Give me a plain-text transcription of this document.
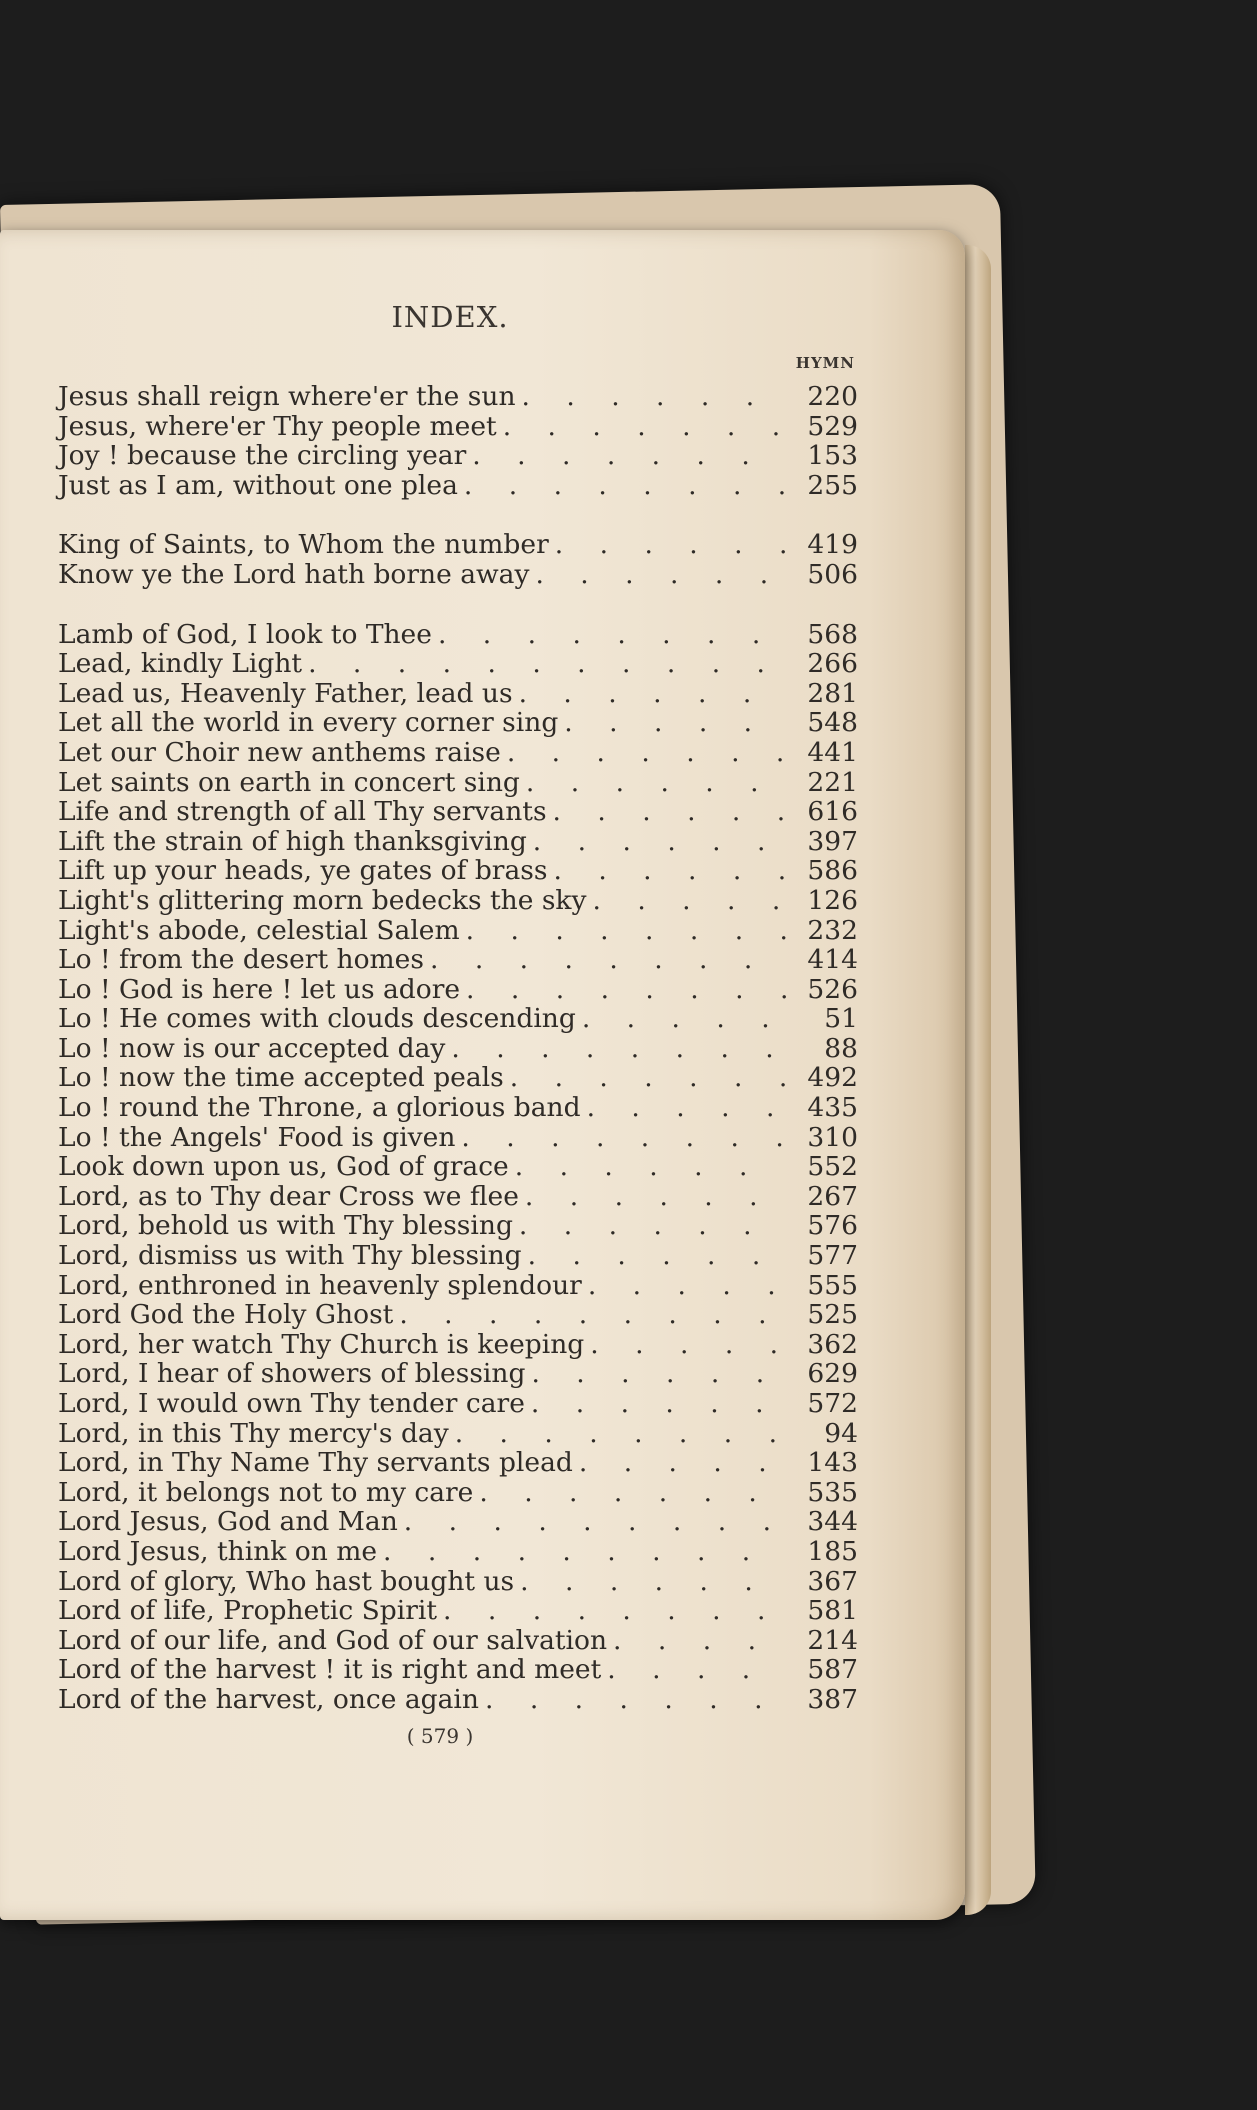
INDEX.
HYMN
Jesus shall reign where'er the sun . . .	220
Jesus, where'er Thy people meet . . .	529
Joy ! because the circling year . . .	153
Just as I am, without one plea . . .	255
King of Saints, to Whom the number . . .	419
Know ye the Lord hath borne away . . .	506
Lamb of God, I look to Thee . . .	568
Lead, kindly Light . . .	266
Lead us, Heavenly Father, lead us . . .	281
Let all the world in every corner sing . . .	548
Let our Choir new anthems raise . . .	441
Let saints on earth in concert sing . . .	221
Life and strength of all Thy servants . . .	616
Lift the strain of high thanksgiving . . .	397
Lift up your heads, ye gates of brass . . .	586
Light's glittering morn bedecks the sky . . .	126
Light's abode, celestial Salem . . .	232
Lo ! from the desert homes . . .	414
Lo ! God is here ! let us adore . . .	526
Lo ! He comes with clouds descending . . .	51
Lo ! now is our accepted day . . .	88
Lo ! now the time accepted peals . . .	492
Lo ! round the Throne, a glorious band . . .	435
Lo ! the Angels' Food is given . . .	310
Look down upon us, God of grace . . .	552
Lord, as to Thy dear Cross we flee . . .	267
Lord, behold us with Thy blessing . . .	576
Lord, dismiss us with Thy blessing . . .	577
Lord, enthroned in heavenly splendour . . .	555
Lord God the Holy Ghost . . .	525
Lord, her watch Thy Church is keeping . . .	362
Lord, I hear of showers of blessing . . .	629
Lord, I would own Thy tender care . . .	572
Lord, in this Thy mercy's day . . .	94
Lord, in Thy Name Thy servants plead . . .	143
Lord, it belongs not to my care . . .	535
Lord Jesus, God and Man . . .	344
Lord Jesus, think on me . . .	185
Lord of glory, Who hast bought us . . .	367
Lord of life, Prophetic Spirit . . .	581
Lord of our life, and God of our salvation . . .	214
Lord of the harvest ! it is right and meet . . .	587
Lord of the harvest, once again . . .	387
( 579 )
